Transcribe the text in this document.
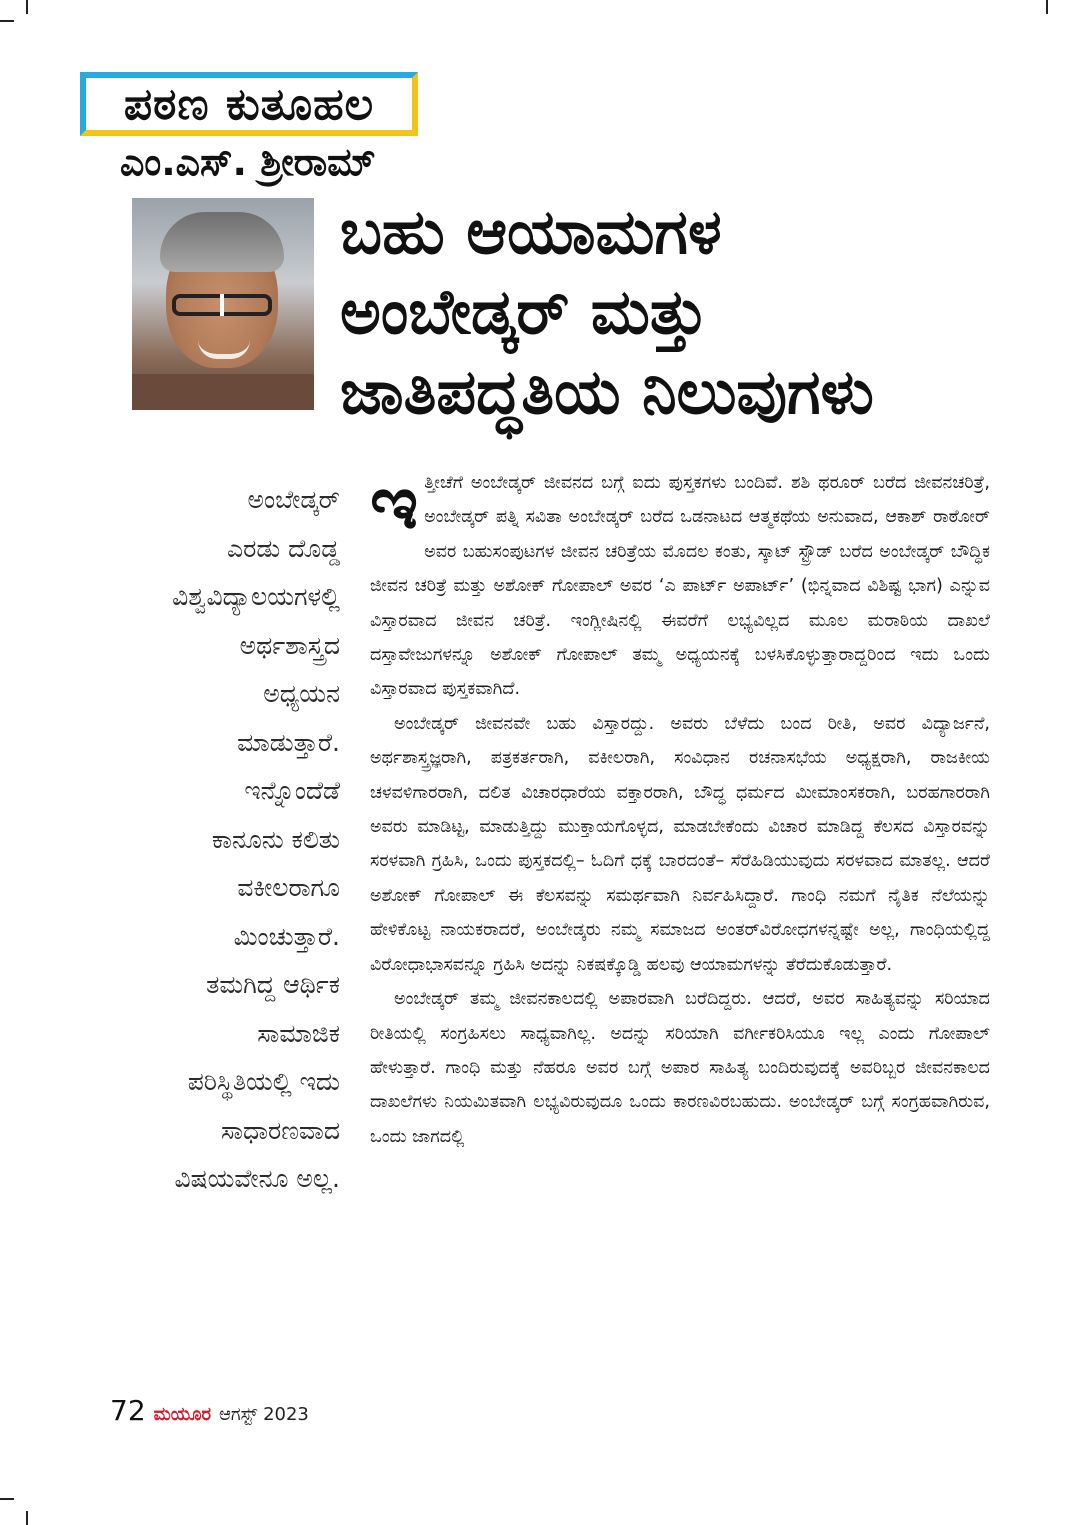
ಪಠಣ ಕುತೂಹಲ
ಎಂ.ಎಸ್. ಶ್ರೀರಾಮ್
ಬಹು ಆಯಾಮಗಳ
ಅಂಬೇಡ್ಕರ್ ಮತ್ತು
ಜಾತಿಪದ್ಧತಿಯ ನಿಲುವುಗಳು
ಅಂಬೇಡ್ಕರ್
ಎರಡು ದೊಡ್ಡ
ವಿಶ್ವವಿದ್ಯಾಲಯಗಳಲ್ಲಿ
ಅರ್ಥಶಾಸ್ತ್ರದ
ಅಧ್ಯಯನ
ಮಾಡುತ್ತಾರೆ.
ಇನ್ನೊಂದೆಡೆ
ಕಾನೂನು ಕಲಿತು
ವಕೀಲರಾಗೂ
ಮಿಂಚುತ್ತಾರೆ.
ತಮಗಿದ್ದ ಆರ್ಥಿಕ
ಸಾಮಾಜಿಕ
ಪರಿಸ್ಥಿತಿಯಲ್ಲಿ ಇದು
ಸಾಧಾರಣವಾದ
ವಿಷಯವೇನೂ ಅಲ್ಲ.

ಇತ್ತೀಚೆಗೆ ಅಂಬೇಡ್ಕರ್ ಜೀವನದ ಬಗ್ಗೆ ಐದು ಪುಸ್ತಕಗಳು ಬಂದಿವೆ. ಶಶಿ ಥರೂರ್ ಬರೆದ ಜೀವನಚರಿತ್ರೆ, ಅಂಬೇಡ್ಕರ್ ಪತ್ನಿ ಸವಿತಾ ಅಂಬೇಡ್ಕರ್ ಬರೆದ ಒಡನಾಟದ ಆತ್ಮಕಥೆಯ ಅನುವಾದ, ಆಕಾಶ್ ರಾಠೋರ್ ಅವರ ಬಹುಸಂಪುಟಗಳ ಜೀವನ ಚರಿತ್ರೆಯ ಮೊದಲ ಕಂತು, ಸ್ಕಾಟ್ ಸ್ಟ್ರೌಡ್ ಬರೆದ ಅಂಬೇಡ್ಕರ್ ಬೌದ್ಧಿಕ ಜೀವನ ಚರಿತ್ರೆ ಮತ್ತು ಅಶೋಕ್ ಗೋಪಾಲ್ ಅವರ ‘ಎ ಪಾರ್ಟ್ ಅಪಾರ್ಟ್’ (ಭಿನ್ನವಾದ ವಿಶಿಷ್ಟ ಭಾಗ) ಎನ್ನುವ ವಿಸ್ತಾರವಾದ ಜೀವನ ಚರಿತ್ರೆ. ಇಂಗ್ಲೀಷಿನಲ್ಲಿ ಈವರೆಗೆ ಲಭ್ಯವಿಲ್ಲದ ಮೂಲ ಮರಾಠಿಯ ದಾಖಲೆ ದಸ್ತಾವೇಜುಗಳನ್ನೂ ಅಶೋಕ್ ಗೋಪಾಲ್ ತಮ್ಮ ಅಧ್ಯಯನಕ್ಕೆ ಬಳಸಿಕೊಳ್ಳುತ್ತಾರಾದ್ದರಿಂದ ಇದು ಒಂದು ವಿಸ್ತಾರವಾದ ಪುಸ್ತಕವಾಗಿದೆ.

ಅಂಬೇಡ್ಕರ್ ಜೀವನವೇ ಬಹು ವಿಸ್ತಾರದ್ದು. ಅವರು ಬೆಳೆದು ಬಂದ ರೀತಿ, ಅವರ ವಿದ್ಯಾರ್ಜನೆ, ಅರ್ಥಶಾಸ್ತ್ರಜ್ಞರಾಗಿ, ಪತ್ರಕರ್ತರಾಗಿ, ವಕೀಲರಾಗಿ, ಸಂವಿಧಾನ ರಚನಾಸಭೆಯ ಅಧ್ಯಕ್ಷರಾಗಿ, ರಾಜಕೀಯ ಚಳವಳಿಗಾರರಾಗಿ, ದಲಿತ ವಿಚಾರಧಾರೆಯ ವಕ್ತಾರರಾಗಿ, ಬೌದ್ಧ ಧರ್ಮದ ಮೀಮಾಂಸಕರಾಗಿ, ಬರಹಗಾರರಾಗಿ ಅವರು ಮಾಡಿಟ್ಟ, ಮಾಡುತ್ತಿದ್ದು ಮುಕ್ತಾಯಗೊಳ್ಳದ, ಮಾಡಬೇಕೆಂದು ವಿಚಾರ ಮಾಡಿದ್ದ ಕೆಲಸದ ವಿಸ್ತಾರವನ್ನು ಸರಳವಾಗಿ ಗ್ರಹಿಸಿ, ಒಂದು ಪುಸ್ತಕದಲ್ಲಿ– ಓದಿಗೆ ಧಕ್ಕೆ ಬಾರದಂತೆ– ಸೆರೆಹಿಡಿಯುವುದು ಸರಳವಾದ ಮಾತಲ್ಲ. ಆದರೆ ಅಶೋಕ್ ಗೋಪಾಲ್ ಈ ಕೆಲಸವನ್ನು ಸಮರ್ಥವಾಗಿ ನಿರ್ವಹಿಸಿದ್ದಾರೆ. ಗಾಂಧಿ ನಮಗೆ ನೈತಿಕ ನೆಲೆಯನ್ನು ಹೇಳಿಕೊಟ್ಟ ನಾಯಕರಾದರೆ, ಅಂಬೇಡ್ಕರು ನಮ್ಮ ಸಮಾಜದ ಅಂತರ್‌ವಿರೋಧಗಳನ್ನಷ್ಟೇ ಅಲ್ಲ, ಗಾಂಧಿಯಲ್ಲಿದ್ದ ವಿರೋಧಾಭಾಸವನ್ನೂ ಗ್ರಹಿಸಿ ಅದನ್ನು ನಿಕಷಕ್ಕೊಡ್ಡಿ ಹಲವು ಆಯಾಮಗಳನ್ನು ತೆರೆದುಕೊಡುತ್ತಾರೆ.

ಅಂಬೇಡ್ಕರ್ ತಮ್ಮ ಜೀವನಕಾಲದಲ್ಲಿ ಅಪಾರವಾಗಿ ಬರೆದಿದ್ದರು. ಆದರೆ, ಅವರ ಸಾಹಿತ್ಯವನ್ನು ಸರಿಯಾದ ರೀತಿಯಲ್ಲಿ ಸಂಗ್ರಹಿಸಲು ಸಾಧ್ಯವಾಗಿಲ್ಲ. ಅದನ್ನು ಸರಿಯಾಗಿ ವರ್ಗೀಕರಿಸಿಯೂ ಇಲ್ಲ ಎಂದು ಗೋಪಾಲ್ ಹೇಳುತ್ತಾರೆ. ಗಾಂಧಿ ಮತ್ತು ನೆಹರೂ ಅವರ ಬಗ್ಗೆ ಅಪಾರ ಸಾಹಿತ್ಯ ಬಂದಿರುವುದಕ್ಕೆ ಅವರಿಬ್ಬರ ಜೀವನಕಾಲದ ದಾಖಲೆಗಳು ನಿಯಮಿತವಾಗಿ ಲಭ್ಯವಿರುವುದೂ ಒಂದು ಕಾರಣವಿರಬಹುದು. ಅಂಬೇಡ್ಕರ್ ಬಗ್ಗೆ ಸಂಗ್ರಹವಾಗಿರುವ, ಒಂದು ಜಾಗದಲ್ಲಿ

72 ಮಯೂರ ಆಗಸ್ಟ್ 2023
